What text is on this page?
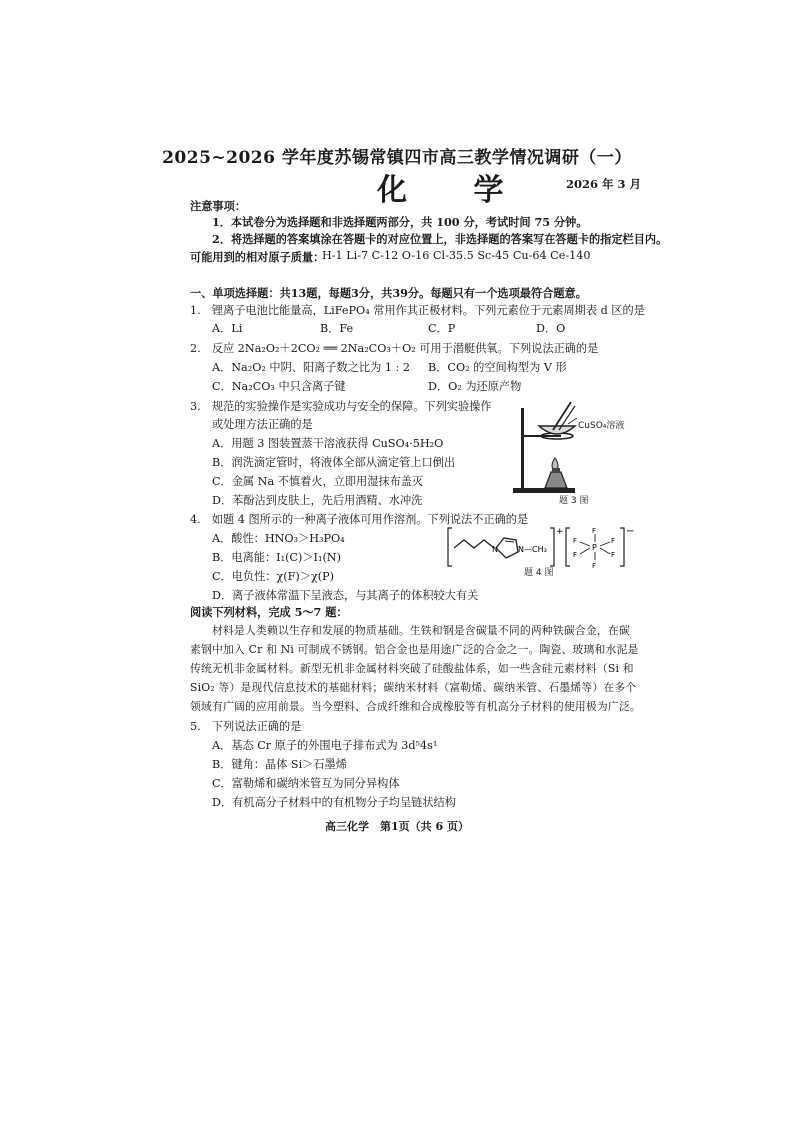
2025~2026 学年度苏锡常镇四市高三教学情况调研（一）
化 学	2026 年 3 月
注意事项：
1．本试卷分为选择题和非选择题两部分，共 100 分，考试时间 75 分钟。
2．将选择题的答案填涂在答题卡的对应位置上，非选择题的答案写在答题卡的指定栏目内。
可能用到的相对原子质量：
H-1 Li-7 C-12 O-16 Cl-35.5 Sc-45 Cu-64 Ce-140
一、单项选择题：共13题，每题3分，共39分。每题只有一个选项最符合题意。
1.　锂离子电池比能量高，LiFePO₄ 常用作其正极材料。下列元素位于元素周期表 d 区的是
A．Li	B．Fe	C．P	D．O
2.　反应 2Na₂O₂＋2CO₂ ══ 2Na₂CO₃＋O₂ 可用于潜艇供氧。下列说法正确的是
A．Na₂O₂ 中阴、阳离子数之比为 1 : 2 B．CO₂ 的空间构型为 V 形
C．Na₂CO₃ 中只含离子键	D．O₂ 为还原产物
3.　规范的实验操作是实验成功与安全的保障。下列实验操作
或处理方法正确的是
A．用题 3 图装置蒸干溶液获得 CuSO₄·5H₂O
B．润洗滴定管时，将液体全部从滴定管上口倒出
C．金属 Na 不慎着火，立即用湿抹布盖灭
D．苯酚沾到皮肤上，先后用酒精、水冲洗	题 3 图
CuSO₄溶液
4.　如题 4 图所示的一种离子液体可用作溶剂。下列说法不正确的是
A．酸性：HNO₃＞H₃PO₄
B．电离能：I₁(C)＞I₁(N)
C．电负性：χ(F)＞χ(P)
D．离子液体常温下呈液态，与其离子的体积较大有关
N	N—CH₃
+
P
F
F
F
F
F
F
−
题 4 图
阅读下列材料，完成 5～7 题：
　　材料是人类赖以生存和发展的物质基础。生铁和钢是含碳量不同的两种铁碳合金，在碳
素钢中加入 Cr 和 Ni 可制成不锈钢。铝合金也是用途广泛的合金之一。陶瓷、玻璃和水泥是
传统无机非金属材料。新型无机非金属材料突破了硅酸盐体系，如一些含硅元素材料（Si 和
SiO₂ 等）是现代信息技术的基础材料；碳纳米材料（富勒烯、碳纳米管、石墨烯等）在多个
领域有广阔的应用前景。当今塑料、合成纤维和合成橡胶等有机高分子材料的使用极为广泛。
5.　下列说法正确的是
A．基态 Cr 原子的外围电子排布式为 3d⁵4s¹
B．键角：晶体 Si＞石墨烯
C．富勒烯和碳纳米管互为同分异构体
D．有机高分子材料中的有机物分子均呈链状结构
高三化学　第1页（共 6 页）
